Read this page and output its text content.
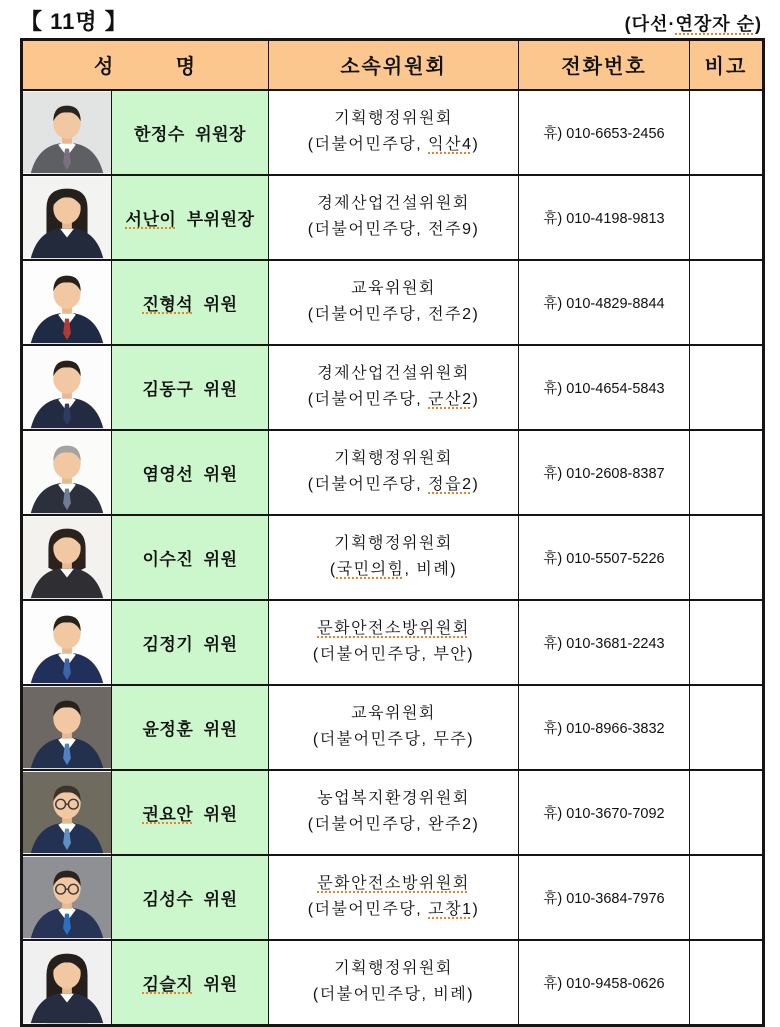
【 11명 】	(다선·연장자 순)
성        명		소속위원회	전화번호	비고

	한정수  위원장	기획행정위원회
(더불어민주당, 익산4)	휴) 010-6653-2456	

	서난이  부위원장	경제산업건설위원회
(더불어민주당, 전주9)	휴) 010-4198-9813	

	진형석  위원	교육위원회
(더불어민주당, 전주2)	휴) 010-4829-8844	

	김동구  위원	경제산업건설위원회
(더불어민주당, 군산2)	휴) 010-4654-5843	

	염영선  위원	기획행정위원회
(더불어민주당, 정읍2)	휴) 010-2608-8387	

	이수진  위원	기획행정위원회
(국민의힘, 비례)	휴) 010-5507-5226	

	김정기  위원	문화안전소방위원회
(더불어민주당, 부안)	휴) 010-3681-2243	

	윤정훈  위원	교육위원회
(더불어민주당, 무주)	휴) 010-8966-3832	

	권요안  위원	농업복지환경위원회
(더불어민주당, 완주2)	휴) 010-3670-7092	

	김성수  위원	문화안전소방위원회
(더불어민주당, 고창1)	휴) 010-3684-7976	

	김슬지  위원	기획행정위원회
(더불어민주당, 비례)	휴) 010-9458-0626	
